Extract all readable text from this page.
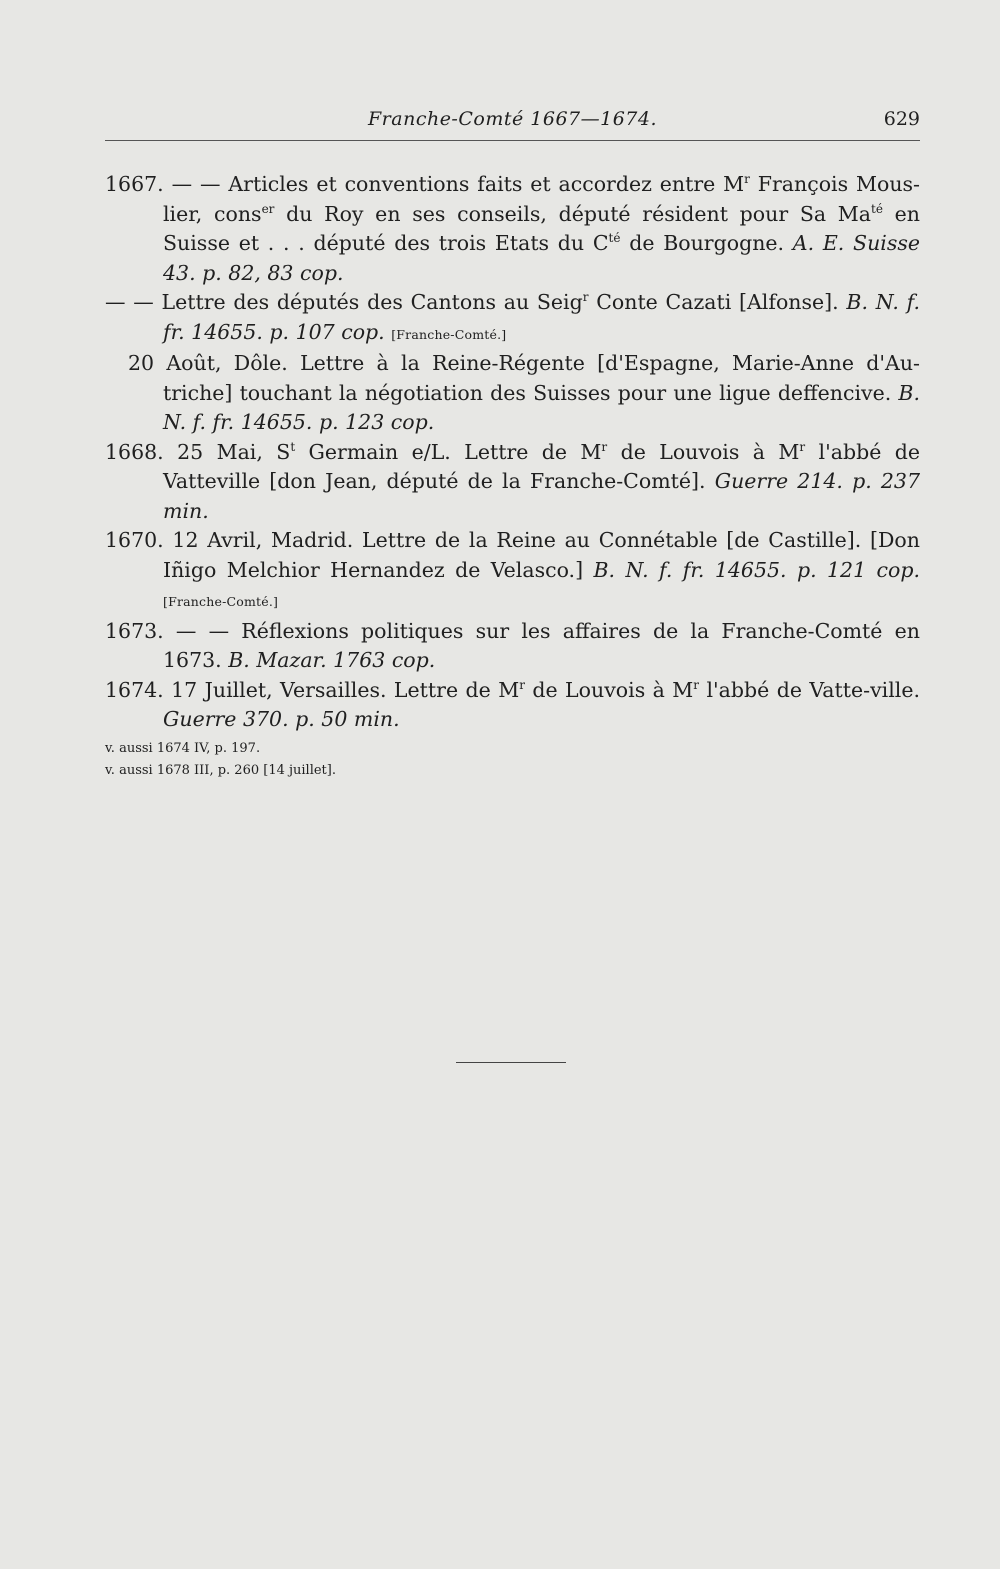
Franche-Comté 1667—1674.	629

1667. — — Articles et conventions faits et accordez entre $M^r$ François Mous-lier, cons$^{er}$ du Roy en ses conseils, député résident pour Sa $Ma^{té}$ en Suisse et . . . député des trois Etats du $C^{té}$ de Bourgogne. A. E. Suisse 43. p. 82, 83 cop.

— — Lettre des députés des Cantons au Seig$^r$ Conte Cazati [Alfonse]. B. N. f. fr. 14655. p. 107 cop. [Franche-Comté.]

20 Août, Dôle. Lettre à la Reine-Régente [d'Espagne, Marie-Anne d'Au-triche] touchant la négotiation des Suisses pour une ligue deffencive. B. N. f. fr. 14655. p. 123 cop.

1668. 25 Mai, $S^t$ Germain e/L. Lettre de $M^r$ de Louvois à $M^r$ l'abbé de Vatteville [don Jean, député de la Franche-Comté]. Guerre 214. p. 237 min.

1670. 12 Avril, Madrid. Lettre de la Reine au Connétable [de Castille]. [Don Iñigo Melchior Hernandez de Velasco.] B. N. f. fr. 14655. p. 121 cop. [Franche-Comté.]

1673. — — Réflexions politiques sur les affaires de la Franche-Comté en 1673. B. Mazar. 1763 cop.

1674. 17 Juillet, Versailles. Lettre de $M^r$ de Louvois à $M^r$ l'abbé de Vatte-ville. Guerre 370. p. 50 min.

v. aussi 1674 IV, p. 197.
v. aussi 1678 III, p. 260 [14 juillet].
